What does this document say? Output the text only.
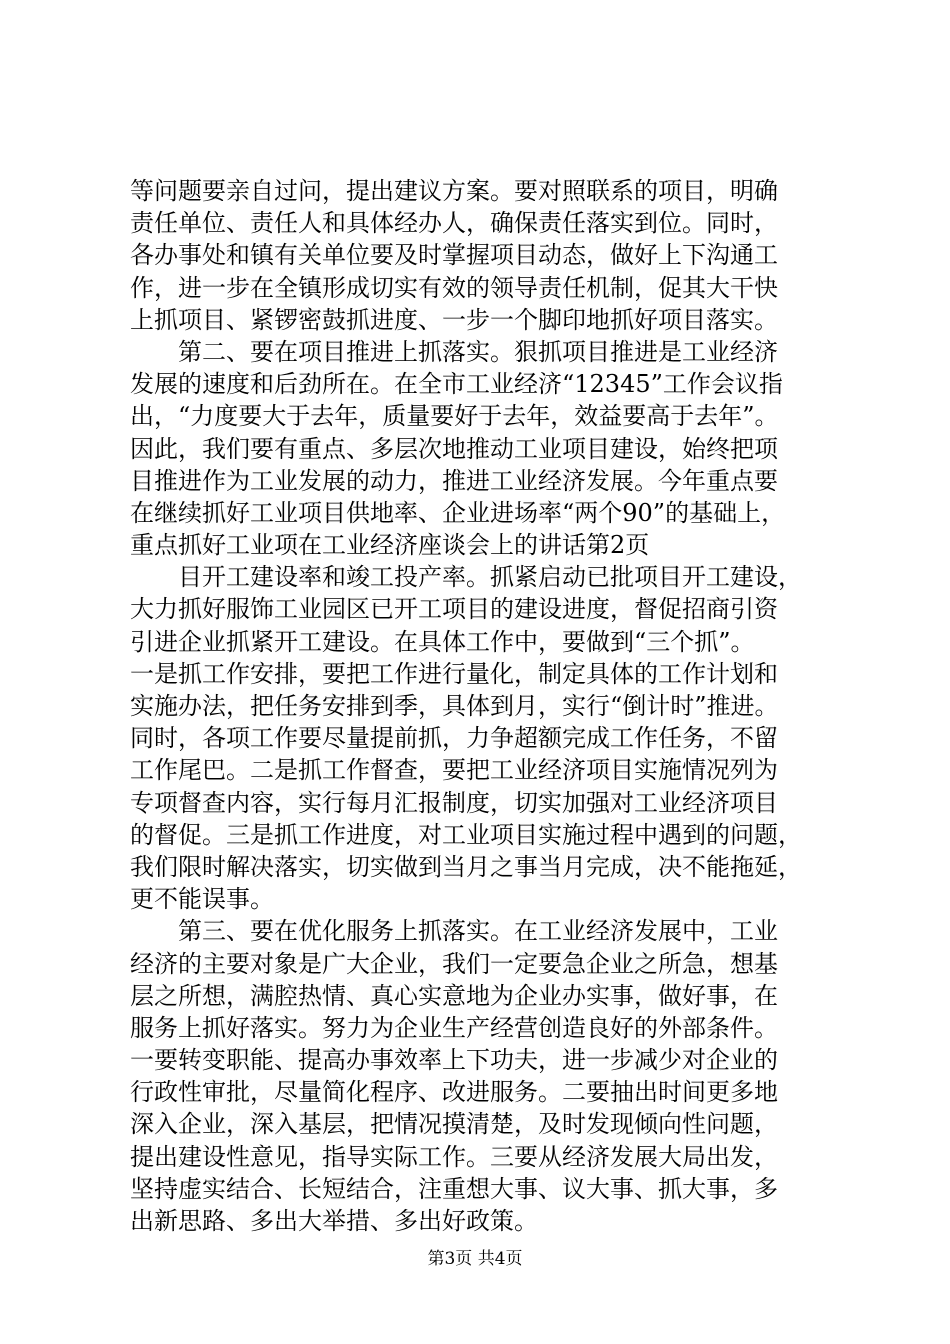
等问题要亲自过问，提出建议方案。要对照联系的项目，明确
责任单位、责任人和具体经办人，确保责任落实到位。同时，
各办事处和镇有关单位要及时掌握项目动态，做好上下沟通工
作，进一步在全镇形成切实有效的领导责任机制，促其大干快
上抓项目、紧锣密鼓抓进度、一步一个脚印地抓好项目落实。
第二、要在项目推进上抓落实。狠抓项目推进是工业经济
发展的速度和后劲所在。在全市工业经济“12345”工作会议指
出，“力度要大于去年，质量要好于去年，效益要高于去年”。
因此，我们要有重点、多层次地推动工业项目建设，始终把项
目推进作为工业发展的动力，推进工业经济发展。今年重点要
在继续抓好工业项目供地率、企业进场率“两个90”的基础上，
重点抓好工业项在工业经济座谈会上的讲话第2页
目开工建设率和竣工投产率。抓紧启动已批项目开工建设，
大力抓好服饰工业园区已开工项目的建设进度，督促招商引资
引进企业抓紧开工建设。在具体工作中，要做到“三个抓”。
一是抓工作安排，要把工作进行量化，制定具体的工作计划和
实施办法，把任务安排到季，具体到月，实行“倒计时”推进。
同时，各项工作要尽量提前抓，力争超额完成工作任务，不留
工作尾巴。二是抓工作督查，要把工业经济项目实施情况列为
专项督查内容，实行每月汇报制度，切实加强对工业经济项目
的督促。三是抓工作进度，对工业项目实施过程中遇到的问题，
我们限时解决落实，切实做到当月之事当月完成，决不能拖延，
更不能误事。
第三、要在优化服务上抓落实。在工业经济发展中，工业
经济的主要对象是广大企业，我们一定要急企业之所急，想基
层之所想，满腔热情、真心实意地为企业办实事，做好事，在
服务上抓好落实。努力为企业生产经营创造良好的外部条件。
一要转变职能、提高办事效率上下功夫，进一步减少对企业的
行政性审批，尽量简化程序、改进服务。二要抽出时间更多地
深入企业，深入基层，把情况摸清楚，及时发现倾向性问题，
提出建设性意见，指导实际工作。三要从经济发展大局出发，
坚持虚实结合、长短结合，注重想大事、议大事、抓大事，多
出新思路、多出大举措、多出好政策。
第3页 共4页
